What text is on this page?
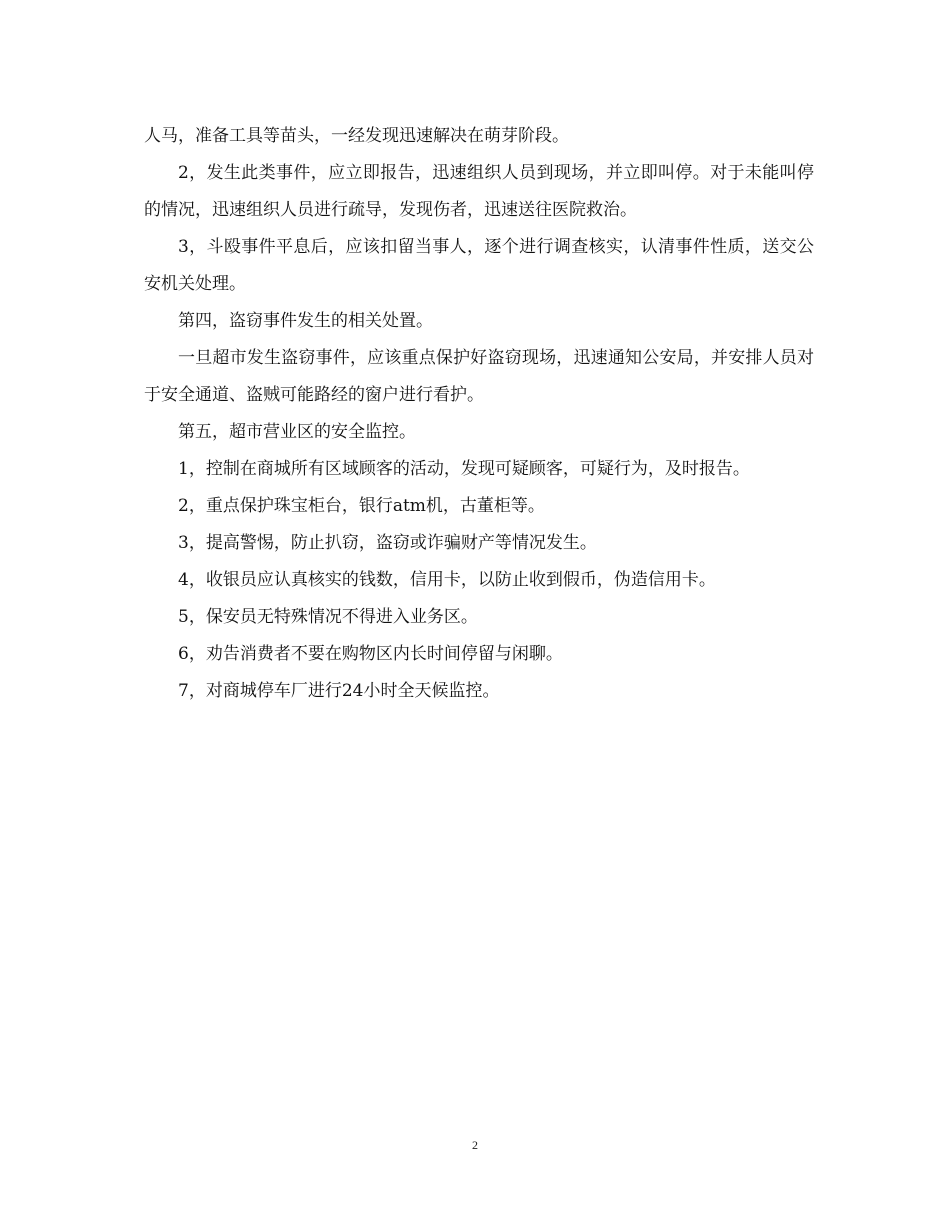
人马，准备工具等苗头，一经发现迅速解决在萌芽阶段。

2，发生此类事件，应立即报告，迅速组织人员到现场，并立即叫停。对于未能叫停的情况，迅速组织人员进行疏导，发现伤者，迅速送往医院救治。

3，斗殴事件平息后，应该扣留当事人，逐个进行调查核实，认清事件性质，送交公安机关处理。

第四，盗窃事件发生的相关处置。

一旦超市发生盗窃事件，应该重点保护好盗窃现场，迅速通知公安局，并安排人员对于安全通道、盗贼可能路经的窗户进行看护。

第五，超市营业区的安全监控。

1，控制在商城所有区域顾客的活动，发现可疑顾客，可疑行为，及时报告。

2，重点保护珠宝柜台，银行atm机，古董柜等。

3，提高警惕，防止扒窃，盗窃或诈骗财产等情况发生。

4，收银员应认真核实的钱数，信用卡，以防止收到假币，伪造信用卡。

5，保安员无特殊情况不得进入业务区。

6，劝告消费者不要在购物区内长时间停留与闲聊。

7，对商城停车厂进行24小时全天候监控。

2
